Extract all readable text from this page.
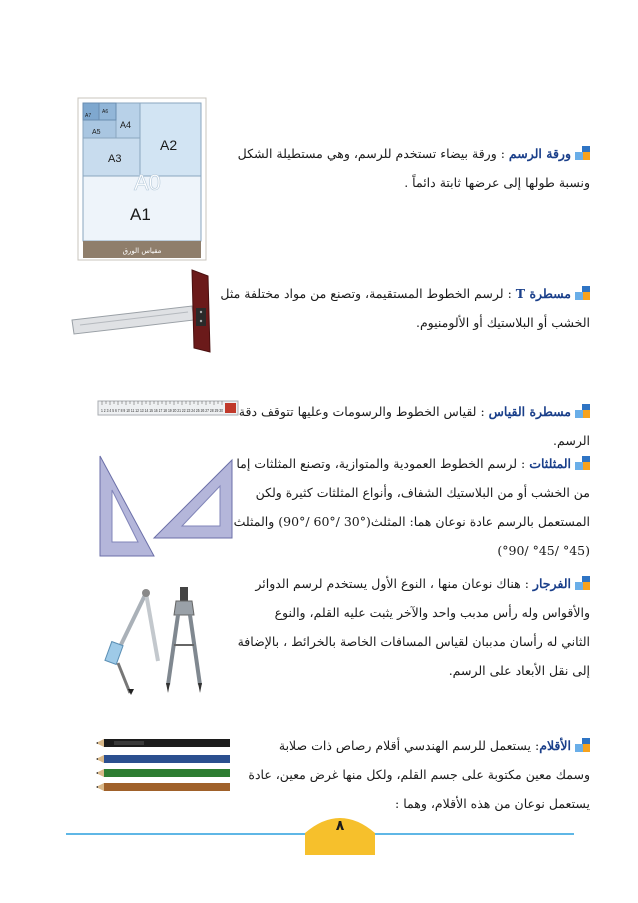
A0
A1
A2
A3
A4
A5
A6
A7
مقياس الورق
1 2 3 4 5 6 7 8 9 10 11 12 13 14 15 16 17 18 19 20 21 22 23 24 25 26 27 28 29 30
ورقة الرسم : ورقة بيضاء تستخدم للرسم، وهي مستطيلة الشكل
ونسبة طولها إلى عرضها ثابتة دائماً .
مسطرة T : لرسم الخطوط المستقيمة، وتصنع من مواد مختلفة مثل
الخشب أو البلاستيك أو الألومنيوم.
مسطرة القياس : لقياس الخطوط والرسومات وعليها تتوقف دقة
الرسم.
المثلثات : لرسم الخطوط العمودية والمتوازية، وتصنع المثلثات إما
من الخشب أو من البلاستيك الشفاف، وأنواع المثلثات كثيرة ولكن
المستعمل بالرسم عادة نوعان هما: المثلث(°30 /°60 /°90) والمثلث
(°45 /°45 /°90)
الفرجار : هناك نوعان منها ، النوع الأول يستخدم لرسم الدوائر
والأقواس وله رأس مدبب واحد والآخر يثبت عليه القلم، والنوع
الثاني له رأسان مدببان لقياس المسافات الخاصة بالخرائط ، بالإضافة
إلى نقل الأبعاد على الرسم.
الأقلام: يستعمل للرسم الهندسي أقلام رصاص ذات صلابة
وسمك معين مكتوبة على جسم القلم، ولكل منها غرض معين، عادة
يستعمل نوعان من هذه الأقلام، وهما :
٨
